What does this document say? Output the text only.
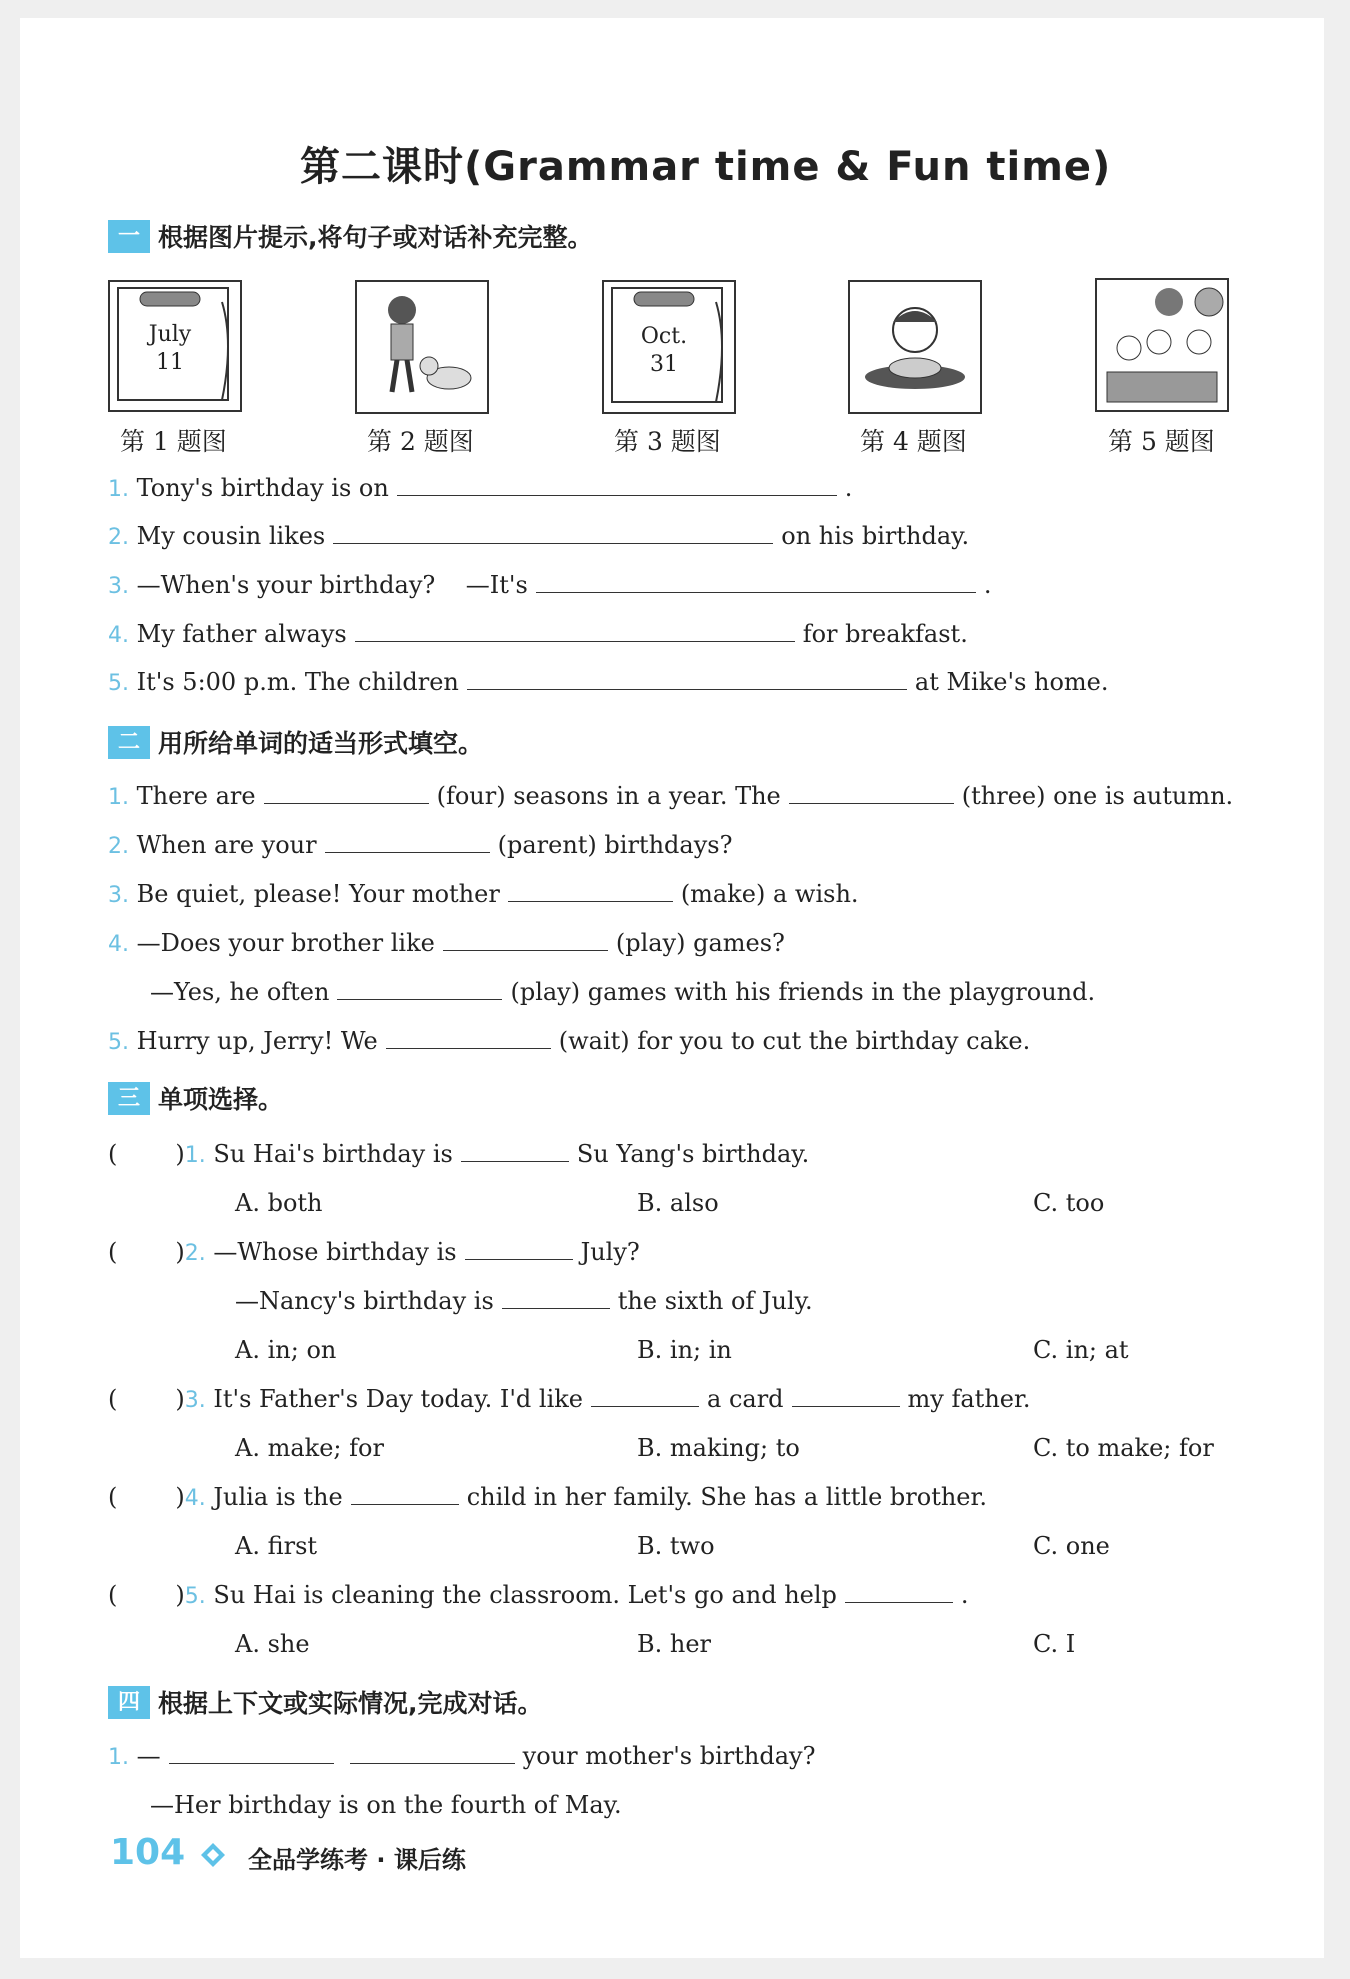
第二课时(Grammar time & Fun time)
一 根据图片提示,将句子或对话补充完整。
July
11
Oct.
31
第 1 题图	第 2 题图	第 3 题图	第 4 题图	第 5 题图
1. Tony's birthday is on	.
2. My cousin likes	on his birthday.
3. —When's your birthday?    —It's	.
4. My father always	for breakfast.
5. It's 5:00 p.m. The children	at Mike's home.
二 用所给单词的适当形式填空。
1. There are	(four) seasons in a year. The	(three) one is autumn.
2. When are your	(parent) birthdays?
3. Be quiet, please! Your mother	(make) a wish.
4. —Does your brother like	(play) games?
—Yes, he often	(play) games with his friends in the playground.
5. Hurry up, Jerry! We	(wait) for you to cut the birthday cake.
三 单项选择。
( )1. Su Hai's birthday is	Su Yang's birthday.
A. both	B. also	C. too
( )2. —Whose birthday is	July?
—Nancy's birthday is	the sixth of July.
A. in; on	B. in; in	C. in; at
( )3. It's Father's Day today. I'd like	a card	my father.
A. make; for	B. making; to	C. to make; for
( )4. Julia is the	child in her family. She has a little brother.
A. first	B. two	C. one
( )5. Su Hai is cleaning the classroom. Let's go and help	.
A. she	B. her	C. I
四 根据上下文或实际情况,完成对话。
1. —	your mother's birthday?
—Her birthday is on the fourth of May.
104	全品学练考 · 课后练
